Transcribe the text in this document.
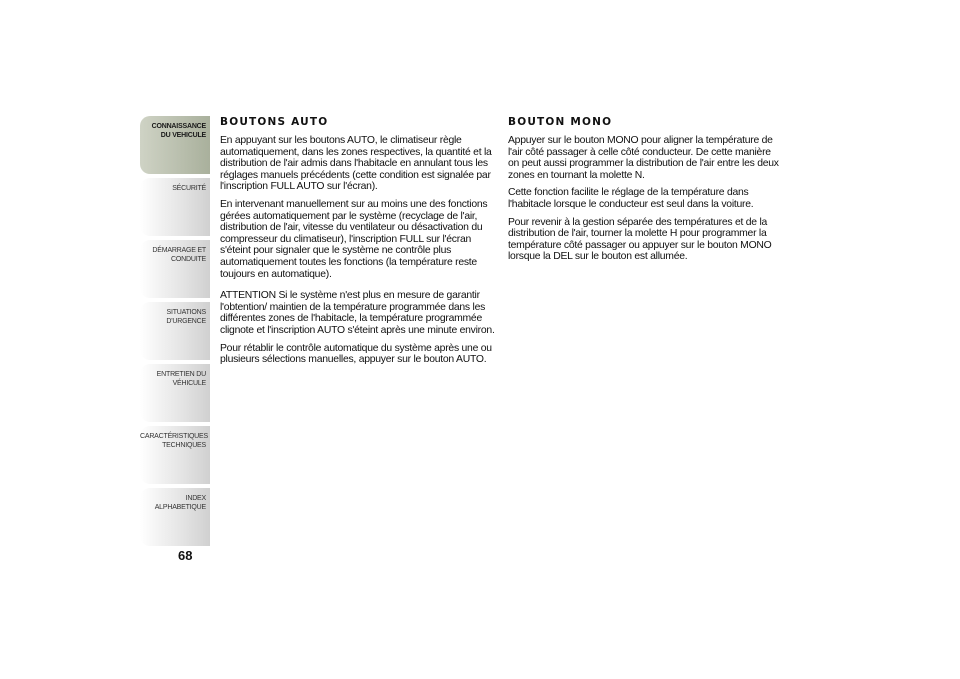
CONNAISSANCE
DU VEHICULE
SÉCURITÉ
DÉMARRAGE ET
CONDUITE
SITUATIONS
D'URGENCE
ENTRETIEN DU
VÉHICULE
CARACTÉRISTIQUES
TECHNIQUES
INDEX
ALPHABETIQUE
68
BOUTONS AUTO

En appuyant sur les boutons AUTO, le climatiseur règle automatiquement, dans les zones respectives, la quantité et la distribution de l'air admis dans l'habitacle en annulant tous les réglages manuels précédents (cette condition est signalée par l'inscription FULL AUTO sur l'écran).

En intervenant manuellement sur au moins une des fonctions gérées automatiquement par le système (recyclage de l'air, distribution de l'air, vitesse du ventilateur ou désactivation du compresseur du climatiseur), l'inscription FULL sur l'écran s'éteint pour signaler que le système ne contrôle plus automatiquement toutes les fonctions (la température reste toujours en automatique).

ATTENTION Si le système n'est plus en mesure de garantir l'obtention/ maintien de la température programmée dans les différentes zones de l'habitacle, la température programmée clignote et l'inscription AUTO s'éteint après une minute environ.

Pour rétablir le contrôle automatique du système après une ou plusieurs sélections manuelles, appuyer sur le bouton AUTO.

BOUTON MONO

Appuyer sur le bouton MONO pour aligner la température de l'air côté passager à celle côté conducteur. De cette manière on peut aussi programmer la distribution de l'air entre les deux zones en tournant la molette N.

Cette fonction facilite le réglage de la température dans l'habitacle lorsque le conducteur est seul dans la voiture.

Pour revenir à la gestion séparée des températures et de la distribution de l'air, tourner la molette H pour programmer la température côté passager ou appuyer sur le bouton MONO lorsque la DEL sur le bouton est allumée.
